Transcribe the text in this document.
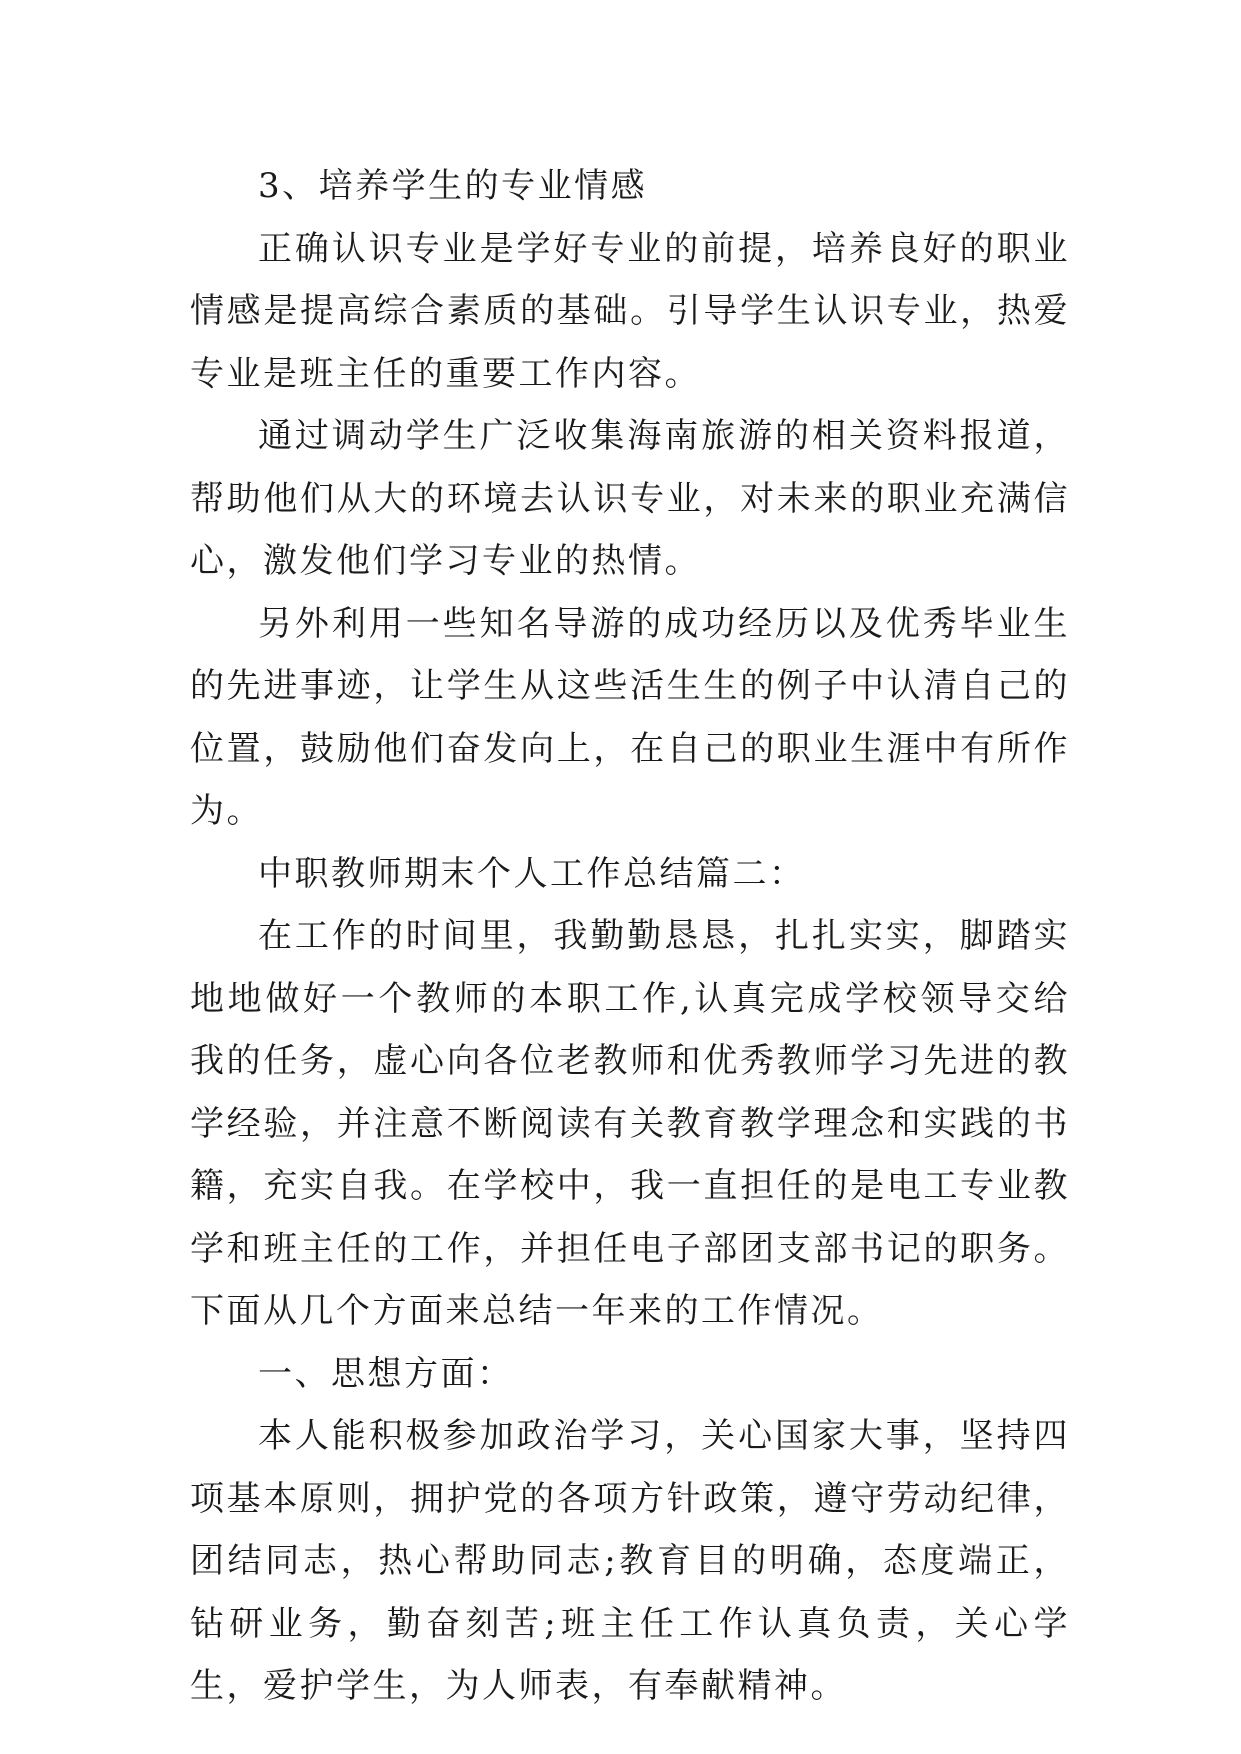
3、培养学生的专业情感

正确认识专业是学好专业的前提，培养良好的职业情感是提高综合素质的基础。引导学生认识专业，热爱专业是班主任的重要工作内容。

通过调动学生广泛收集海南旅游的相关资料报道，帮助他们从大的环境去认识专业，对未来的职业充满信心，激发他们学习专业的热情。

另外利用一些知名导游的成功经历以及优秀毕业生的先进事迹，让学生从这些活生生的例子中认清自己的位置，鼓励他们奋发向上，在自己的职业生涯中有所作为。

中职教师期末个人工作总结篇二：

在工作的时间里，我勤勤恳恳，扎扎实实，脚踏实地地做好一个教师的本职工作,认真完成学校领导交给我的任务，虚心向各位老教师和优秀教师学习先进的教学经验，并注意不断阅读有关教育教学理念和实践的书籍，充实自我。在学校中，我一直担任的是电工专业教学和班主任的工作，并担任电子部团支部书记的职务。下面从几个方面来总结一年来的工作情况。

一、思想方面：

本人能积极参加政治学习，关心国家大事，坚持四项基本原则，拥护党的各项方针政策，遵守劳动纪律，团结同志，热心帮助同志;教育目的明确，态度端正，钻研业务，勤奋刻苦;班主任工作认真负责，关心学生，爱护学生，为人师表，有奉献精神。
